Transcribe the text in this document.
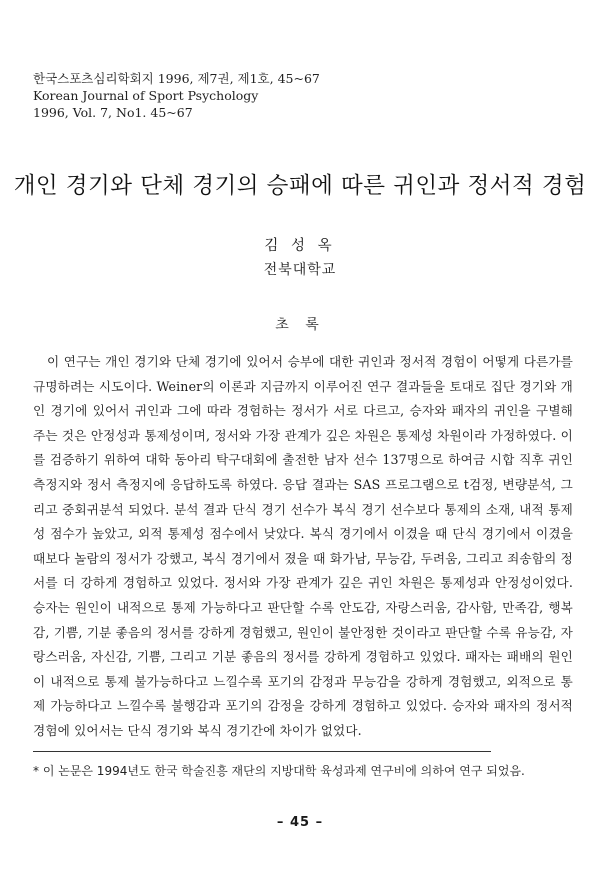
한국스포츠심리학회지 1996, 제7권, 제1호, 45~67
Korean Journal of Sport Psychology
1996, Vol. 7, No1. 45~67
개인 경기와 단체 경기의 승패에 따른 귀인과 정서적 경험
김 성 옥
전북대학교
초 록

이 연구는 개인 경기와 단체 경기에 있어서 승부에 대한 귀인과 정서적 경험이 어떻게 다른가를 규명하려는 시도이다. Weiner의 이론과 지금까지 이루어진 연구 결과들을 토대로 집단 경기와 개인 경기에 있어서 귀인과 그에 따라 경험하는 정서가 서로 다르고, 승자와 패자의 귀인을 구별해 주는 것은 안정성과 통제성이며, 정서와 가장 관계가 깊은 차원은 통제성 차원이라 가정하였다. 이를 검증하기 위하여 대학 동아리 탁구대회에 출전한 남자 선수 137명으로 하여금 시합 직후 귀인측정지와 정서 측정지에 응답하도록 하였다. 응답 결과는 SAS 프로그램으로 t검정, 변량분석, 그리고 중회귀분석 되었다. 분석 결과 단식 경기 선수가 복식 경기 선수보다 통제의 소재, 내적 통제성 점수가 높았고, 외적 통제성 점수에서 낮았다. 복식 경기에서 이겼을 때 단식 경기에서 이겼을 때보다 놀람의 정서가 강했고, 복식 경기에서 졌을 때 화가남, 무능감, 두려움, 그리고 죄송함의 정서를 더 강하게 경험하고 있었다. 정서와 가장 관계가 깊은 귀인 차원은 통제성과 안정성이었다. 승자는 원인이 내적으로 통제 가능하다고 판단할 수록 안도감, 자랑스러움, 감사함, 만족감, 행복감, 기쁨, 기분 좋음의 정서를 강하게 경험했고, 원인이 불안정한 것이라고 판단할 수록 유능감, 자랑스러움, 자신감, 기쁨, 그리고 기분 좋음의 정서를 강하게 경험하고 있었다. 패자는 패배의 원인이 내적으로 통제 불가능하다고 느낄수록 포기의 감정과 무능감을 강하게 경험했고, 외적으로 통제 가능하다고 느낄수록 불행감과 포기의 감정을 강하게 경험하고 있었다. 승자와 패자의 정서적 경험에 있어서는 단식 경기와 복식 경기간에 차이가 없었다.

* 이 논문은 1994년도 한국 학술진흥 재단의 지방대학 육성과제 연구비에 의하여 연구 되었음.
– 45 –
